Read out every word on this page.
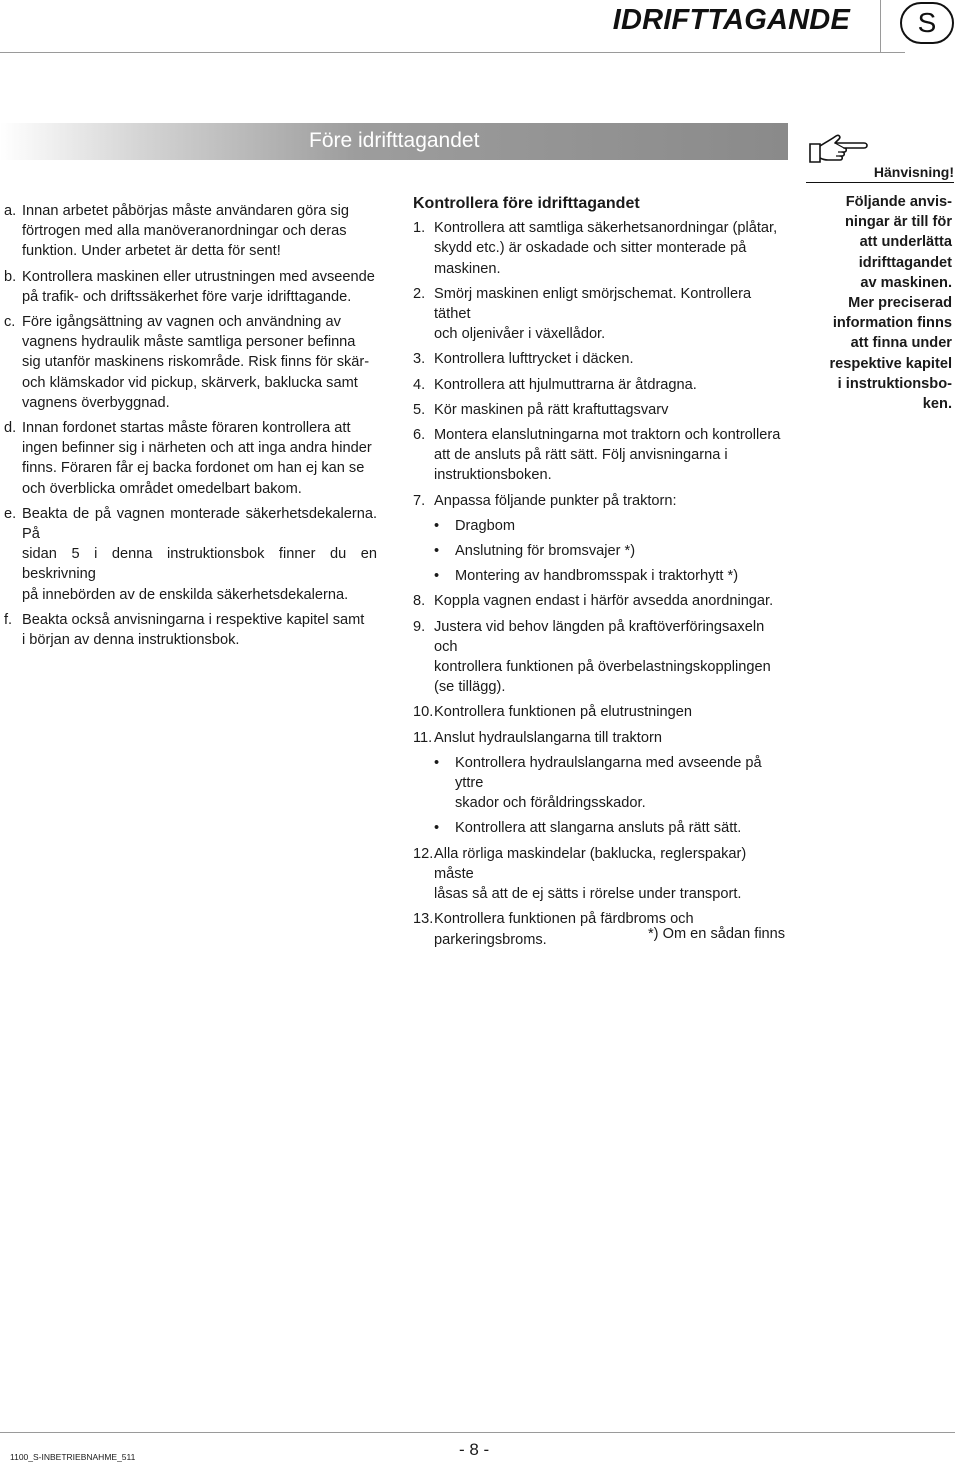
IDRIFTTAGANDE	S
Före idrifttagandet
Hänvisning!
Följande anvis-
ningar är till för
att underlätta
idrifttagandet
av maskinen.
Mer preciserad
information finns
att finna under
respektive kapitel
i instruktionsbo-
ken.
a. Innan arbetet påbörjas måste användaren göra sig
förtrogen med alla manöveranordningar och deras
funktion. Under arbetet är detta för sent!
b. Kontrollera maskinen eller utrustningen med avseende
på trafik- och driftssäkerhet före varje idrifttagande.
c. Före igångsättning av vagnen och användning av
vagnens hydraulik måste samtliga personer befinna
sig utanför maskinens riskområde. Risk finns för skär-
och klämskador vid pickup, skärverk, baklucka samt
vagnens överbyggnad.
d. Innan fordonet startas måste föraren kontrollera att
ingen befinner sig i närheten och att inga andra hinder
finns. Föraren får ej backa fordonet om han ej kan se
och överblicka området omedelbart bakom.
e. Beakta de på vagnen monterade säkerhetsdekalerna. På
sidan 5 i denna instruktionsbok finner du en beskrivning
på innebörden av de enskilda säkerhetsdekalerna.
f. Beakta också anvisningarna i respektive kapitel samt
i början av denna instruktionsbok.
Kontrollera före idrifttagandet
1. Kontrollera att samtliga säkerhetsanordningar (plåtar,
skydd etc.) är oskadade och sitter monterade på
maskinen.
2. Smörj maskinen enligt smörjschemat. Kontrollera täthet
och oljenivåer i växellådor.
3. Kontrollera lufttrycket i däcken.
4. Kontrollera att hjulmuttrarna är åtdragna.
5. Kör maskinen på rätt kraftuttagsvarv
6. Montera elanslutningarna mot traktorn och kontrollera
att de ansluts på rätt sätt. Följ anvisningarna i
instruktionsboken.
7. Anpassa följande punkter på traktorn:
• Dragbom
• Anslutning för bromsvajer *)
• Montering av handbromsspak i traktorhytt *)
8. Koppla vagnen endast i härför avsedda anordningar.
9. Justera vid behov längden på kraftöverföringsaxeln och
kontrollera funktionen på överbelastningskopplingen
(se tillägg).
10. Kontrollera funktionen på elutrustningen
11. Anslut hydraulslangarna till traktorn
• Kontrollera hydraulslangarna med avseende på yttre
skador och föråldringsskador.
• Kontrollera att slangarna ansluts på rätt sätt.
12. Alla rörliga maskindelar (baklucka, reglerspakar) måste
låsas så att de ej sätts i rörelse under transport.
13. Kontrollera funktionen på färdbroms och
parkeringsbroms.	*) Om en sådan finns
1100_S-INBETRIEBNAHME_511	- 8 -
